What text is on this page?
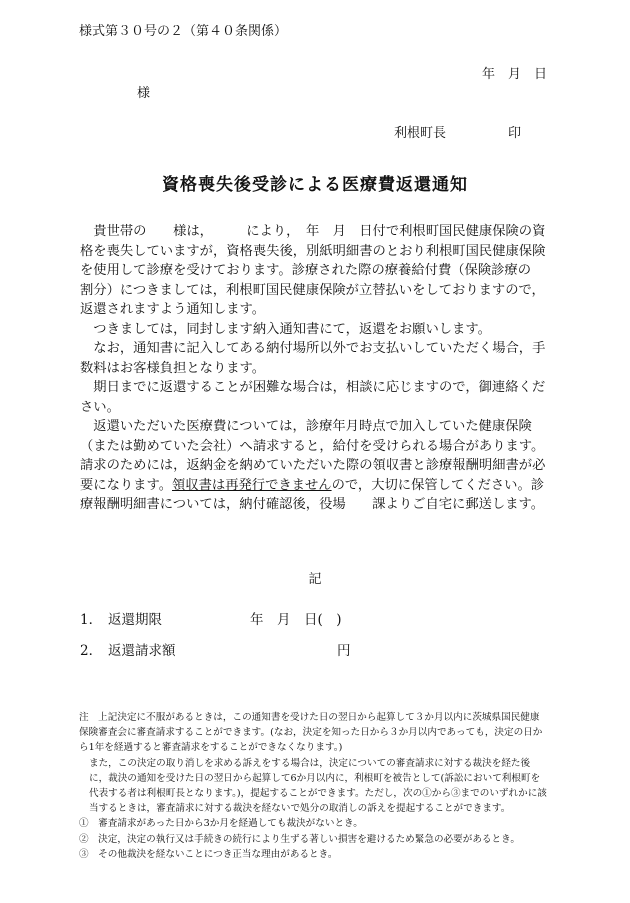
様式第３０号の２（第４０条関係）
年　月　日
様
利根町長	印
資格喪失後受診による医療費返還通知

　貴世帯の　　様は，　　　により，　年　月　日付で利根町国民健康保険の資格を喪失していますが，資格喪失後，別紙明細書のとおり利根町国民健康保険を使用して診療を受けております。診療された際の療養給付費（保険診療の　割分）につきましては，利根町国民健康保険が立替払いをしておりますので，返還されますよう通知します。

　つきましては，同封します納入通知書にて，返還をお願いします。

　なお，通知書に記入してある納付場所以外でお支払いしていただく場合，手数料はお客様負担となります。

　期日までに返還することが困難な場合は，相談に応じますので，御連絡ください。

　返還いただいた医療費については，診療年月時点で加入していた健康保険（または勤めていた会社）へ請求すると，給付を受けられる場合があります。請求のためには，返納金を納めていただいた際の領収書と診療報酬明細書が必要になります。領収書は再発行できませんので，大切に保管してください。診療報酬明細書については，納付確認後，役場　　課よりご自宅に郵送します。

記
1． 返還期限	年　月　日(　)
2． 返還請求額	円

注　上記決定に不服があるときは，この通知書を受けた日の翌日から起算して３か月以内に茨城県国民健康保険審査会に審査請求することができます。(なお，決定を知った日から３か月以内であっても，決定の日から1年を経過すると審査請求をすることができなくなります。)

また，この決定の取り消しを求める訴えをする場合は，決定についての審査請求に対する裁決を経た後に，裁決の通知を受けた日の翌日から起算して6か月以内に，利根町を被告として(訴訟において利根町を代表する者は利根町長となります。)，提起することができます。ただし，次の①から③までのいずれかに該当するときは，審査請求に対する裁決を経ないで処分の取消しの訴えを提起することができます。

①　審査請求があった日から3か月を経過しても裁決がないとき。

②　決定，決定の執行又は手続きの続行により生ずる著しい損害を避けるため緊急の必要があるとき。

③　その他裁決を経ないことにつき正当な理由があるとき。
